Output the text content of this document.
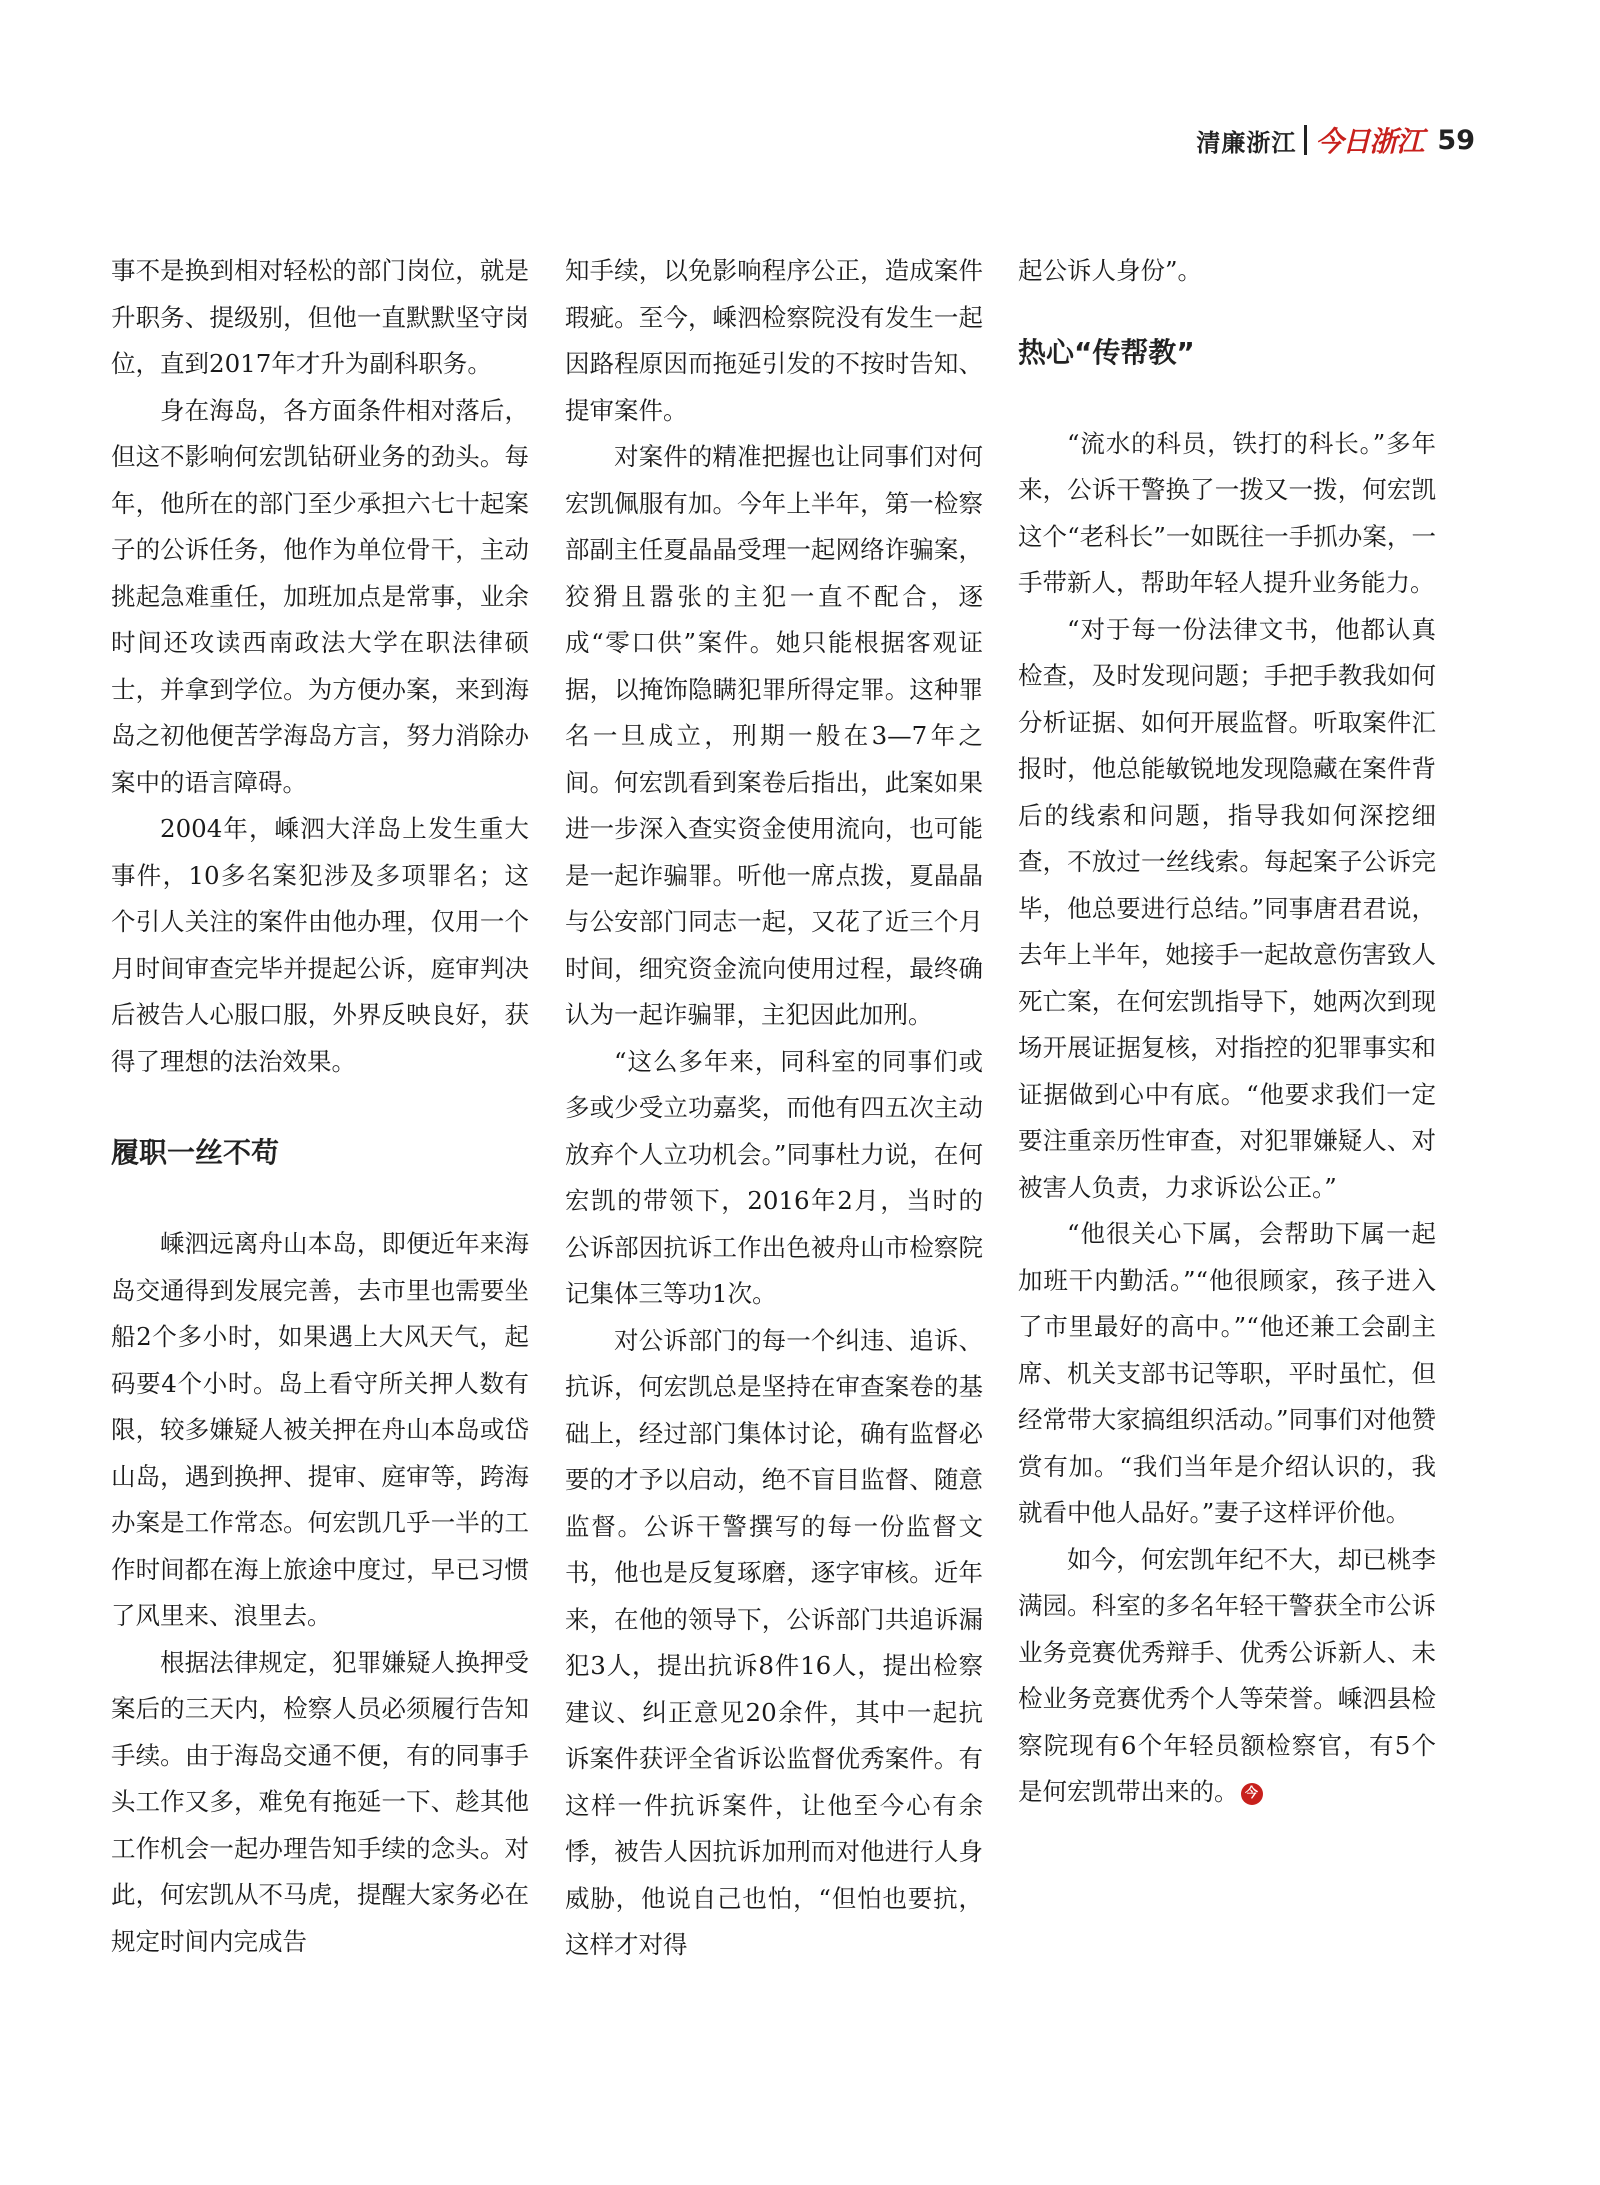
清廉浙江 今日浙江 59

事不是换到相对轻松的部门岗位，就是升职务、提级别，但他一直默默坚守岗位，直到2017年才升为副科职务。

身在海岛，各方面条件相对落后，但这不影响何宏凯钻研业务的劲头。每年，他所在的部门至少承担六七十起案子的公诉任务，他作为单位骨干，主动挑起急难重任，加班加点是常事，业余时间还攻读西南政法大学在职法律硕士，并拿到学位。为方便办案，来到海岛之初他便苦学海岛方言，努力消除办案中的语言障碍。

2004年，嵊泗大洋岛上发生重大事件，10多名案犯涉及多项罪名；这个引人关注的案件由他办理，仅用一个月时间审查完毕并提起公诉，庭审判决后被告人心服口服，外界反映良好，获得了理想的法治效果。

履职一丝不苟

嵊泗远离舟山本岛，即便近年来海岛交通得到发展完善，去市里也需要坐船2个多小时，如果遇上大风天气，起码要4个小时。岛上看守所关押人数有限，较多嫌疑人被关押在舟山本岛或岱山岛，遇到换押、提审、庭审等，跨海办案是工作常态。何宏凯几乎一半的工作时间都在海上旅途中度过，早已习惯了风里来、浪里去。

根据法律规定，犯罪嫌疑人换押受案后的三天内，检察人员必须履行告知手续。由于海岛交通不便，有的同事手头工作又多，难免有拖延一下、趁其他工作机会一起办理告知手续的念头。对此，何宏凯从不马虎，提醒大家务必在规定时间内完成告

知手续，以免影响程序公正，造成案件瑕疵。至今，嵊泗检察院没有发生一起因路程原因而拖延引发的不按时告知、提审案件。

对案件的精准把握也让同事们对何宏凯佩服有加。今年上半年，第一检察部副主任夏晶晶受理一起网络诈骗案，狡猾且嚣张的主犯一直不配合，逐成“零口供”案件。她只能根据客观证据，以掩饰隐瞒犯罪所得定罪。这种罪名一旦成立，刑期一般在3—7年之间。何宏凯看到案卷后指出，此案如果进一步深入查实资金使用流向，也可能是一起诈骗罪。听他一席点拨，夏晶晶与公安部门同志一起，又花了近三个月时间，细究资金流向使用过程，最终确认为一起诈骗罪，主犯因此加刑。

“这么多年来，同科室的同事们或多或少受立功嘉奖，而他有四五次主动放弃个人立功机会。”同事杜力说，在何宏凯的带领下，2016年2月，当时的公诉部因抗诉工作出色被舟山市检察院记集体三等功1次。

对公诉部门的每一个纠违、追诉、抗诉，何宏凯总是坚持在审查案卷的基础上，经过部门集体讨论，确有监督必要的才予以启动，绝不盲目监督、随意监督。公诉干警撰写的每一份监督文书，他也是反复琢磨，逐字审核。近年来，在他的领导下，公诉部门共追诉漏犯3人，提出抗诉8件16人，提出检察建议、纠正意见20余件，其中一起抗诉案件获评全省诉讼监督优秀案件。有这样一件抗诉案件，让他至今心有余悸，被告人因抗诉加刑而对他进行人身威胁，他说自己也怕，“但怕也要抗，这样才对得

起公诉人身份”。

热心“传帮教”

“流水的科员，铁打的科长。”多年来，公诉干警换了一拨又一拨，何宏凯这个“老科长”一如既往一手抓办案，一手带新人，帮助年轻人提升业务能力。

“对于每一份法律文书，他都认真检查，及时发现问题；手把手教我如何分析证据、如何开展监督。听取案件汇报时，他总能敏锐地发现隐藏在案件背后的线索和问题，指导我如何深挖细查，不放过一丝线索。每起案子公诉完毕，他总要进行总结。”同事唐君君说，去年上半年，她接手一起故意伤害致人死亡案，在何宏凯指导下，她两次到现场开展证据复核，对指控的犯罪事实和证据做到心中有底。“他要求我们一定要注重亲历性审查，对犯罪嫌疑人、对被害人负责，力求诉讼公正。”

“他很关心下属，会帮助下属一起加班干内勤活。”“他很顾家，孩子进入了市里最好的高中。”“他还兼工会副主席、机关支部书记等职，平时虽忙，但经常带大家搞组织活动。”同事们对他赞赏有加。“我们当年是介绍认识的，我就看中他人品好。”妻子这样评价他。

如今，何宏凯年纪不大，却已桃李满园。科室的多名年轻干警获全市公诉业务竞赛优秀辩手、优秀公诉新人、未检业务竞赛优秀个人等荣誉。嵊泗县检察院现有6个年轻员额检察官，有5个是何宏凯带出来的。 今
